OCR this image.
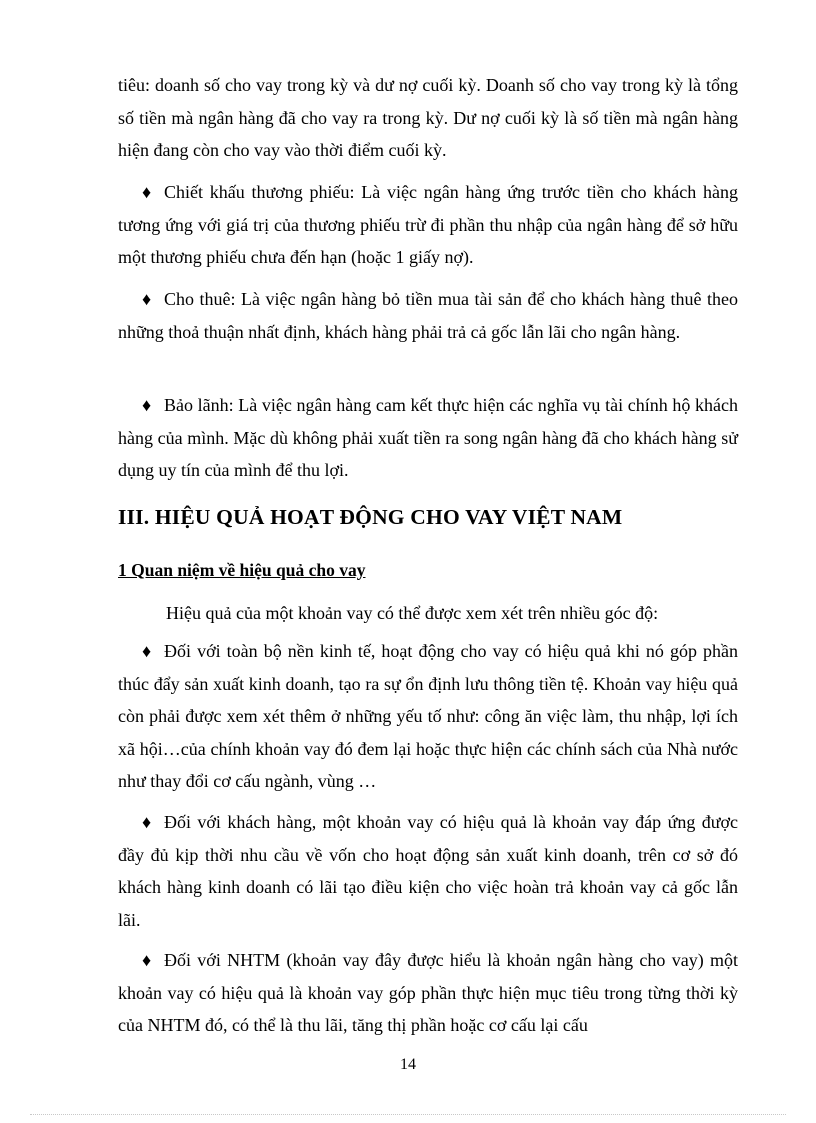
tiêu: doanh số cho vay trong kỳ và dư nợ cuối kỳ. Doanh số cho vay trong kỳ là tổng số tiền mà ngân hàng đã cho vay ra trong kỳ. Dư nợ cuối kỳ là số tiền mà ngân hàng hiện đang còn cho vay vào thời điểm cuối kỳ.

♦ Chiết khấu thương phiếu: Là việc ngân hàng ứng trước tiền cho khách hàng tương ứng với giá trị của thương phiếu trừ đi phần thu nhập của ngân hàng để sở hữu một thương phiếu chưa đến hạn (hoặc 1 giấy nợ).

♦ Cho thuê: Là việc ngân hàng bỏ tiền mua tài sản để cho khách hàng thuê theo những thoả thuận nhất định, khách hàng phải trả cả gốc lẫn lãi cho ngân hàng.

♦ Bảo lãnh: Là việc ngân hàng cam kết thực hiện các nghĩa vụ tài chính hộ khách hàng của mình. Mặc dù không phải xuất tiền ra song ngân hàng đã cho khách hàng sử dụng uy tín của mình để thu lợi.

III. HIỆU QUẢ HOẠT ĐỘNG CHO VAY VIỆT NAM
1 Quan niệm về hiệu quả cho vay

Hiệu quả của một khoản vay có thể được xem xét trên nhiều góc độ:

♦ Đối với toàn bộ nền kinh tế, hoạt động cho vay có hiệu quả khi nó góp phần thúc đẩy sản xuất kinh doanh, tạo ra sự ổn định lưu thông tiền tệ. Khoản vay hiệu quả còn phải được xem xét thêm ở những yếu tố như: công ăn việc làm, thu nhập, lợi ích xã hội…của chính khoản vay đó đem lại hoặc thực hiện các chính sách của Nhà nước như thay đổi cơ cấu ngành, vùng …

♦ Đối với khách hàng, một khoản vay có hiệu quả là khoản vay đáp ứng được đầy đủ kịp thời nhu cầu về vốn cho hoạt động sản xuất kinh doanh, trên cơ sở đó khách hàng kinh doanh có lãi tạo điều kiện cho việc hoàn trả khoản vay cả gốc lẫn lãi.

♦ Đối với NHTM (khoản vay đây được hiểu là khoản ngân hàng cho vay) một khoản vay có hiệu quả là khoản vay góp phần thực hiện mục tiêu trong từng thời kỳ của NHTM đó, có thể là thu lãi, tăng thị phần hoặc cơ cấu lại cấu

14
